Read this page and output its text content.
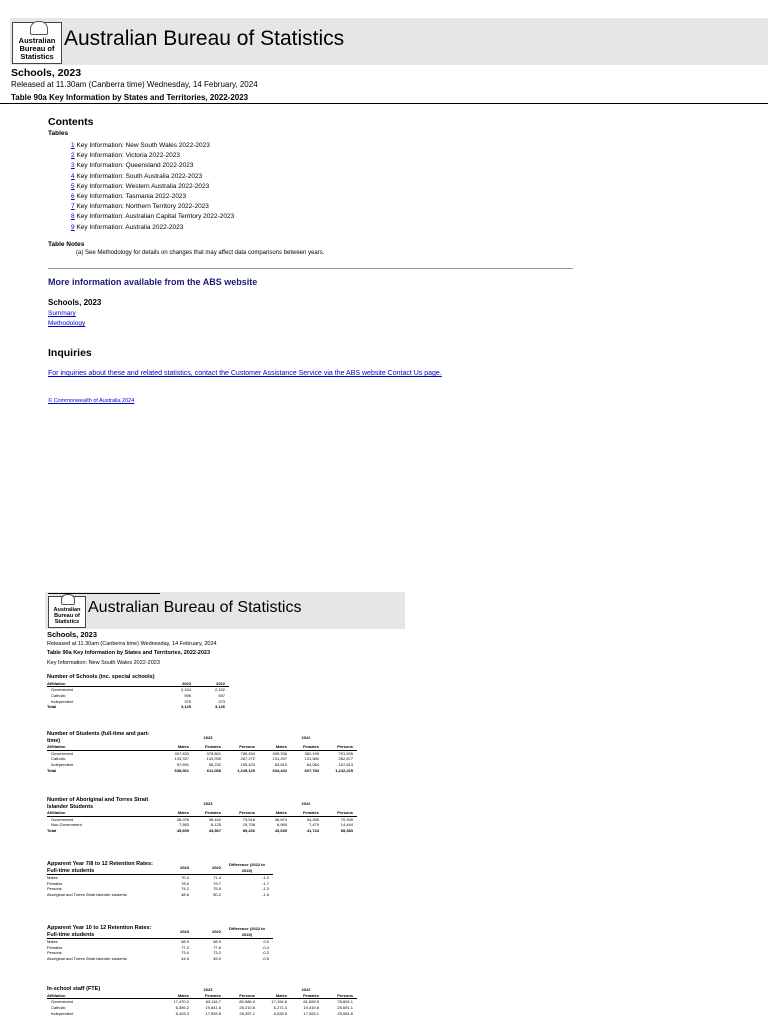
Australian
Bureau of
Statistics
Australian Bureau of Statistics
Schools, 2023
Released at 11.30am (Canberra time) Wednesday, 14 February, 2024
Table 90a Key Information by States and Territories, 2022-2023
Contents
Tables
1 Key Information: New South Wales 2022-2023
2 Key Information: Victoria 2022-2023
3 Key Information: Queensland 2022-2023
4 Key Information: South Australia 2022-2023
5 Key Information: Western Australia 2022-2023
6 Key Information: Tasmania 2022-2023
7 Key Information: Northern Territory 2022-2023
8 Key Information: Australian Capital Territory 2022-2023
9 Key Information: Australia 2022-2023
Table Notes
(a) See Methodology for details on changes that may affect data comparisons between years.
More information available from the ABS website
Schools, 2023
Summary
Methodology
Inquiries
For inquiries about these and related statistics, contact the Customer Assistance Service via the ABS website Contact Us page.
© Commonwealth of Australia 2024
Australian
Bureau of
Statistics
Australian Bureau of Statistics
Schools, 2023
Released at 11.30am (Canberra time) Wednesday, 14 February, 2024
Table 90a Key Information by States and Territories, 2022-2023
Key Information: New South Wales 2022-2023
Number of Schools (inc. special schools)
Affiliation	2023	2022
Government	2,154	2,152
Catholic	596	597
Independent	375	373
Total	3,125	3,126
Number of Students (full-time and part-time)	2023			2022		
Affiliation	Males	Females	Persons	Males	Females	Persons
Government	407,633	378,801	786,434	409,336	382,199	791,535
Catholic	133,337	133,935	267,272	131,297	131,580	262,877
Independent	97,691	98,232	195,423	83,819	84,084	167,813
Total	638,061	611,068	1,249,129	634,442	607,783	1,242,225
Number of Aboriginal and Torres Strait Islander Students	2023			2022		
Affiliation	Males	Females	Persons	Males	Females	Persons
Government	38,076	35,442	73,518	36,674	34,265	70,939
Non-Government	7,583	8,125	15,708	6,965	7,479	14,444
Total	45,659	43,567	89,226	43,639	41,744	85,383
Apparent Year 7/8 to 12 Retention Rates: Full-time students	2023	2022	Difference (2022 to 2023)
Males	70.4	71.4	-1.0
Females	78.0	79.7	-1.7
Persons	74.2	75.5	-1.3
Aboriginal and Torres Strait Islander students	48.6	50.2	-1.6
Apparent Year 10 to 12 Retention Rates: Full-time students	2023	2022	Difference (2022 to 2023)
Males	68.9	68.9	0.0
Females	77.2	77.6	-0.4
Persons	73.0	73.2	-0.2
Aboriginal and Torres Strait Islander students	44.5	45.0	-0.5
In-school staff (FTE)	2023			2022		
Affiliation	Males	Females	Persons	Males	Females	Persons
Government	17,470.2	63,116.7	80,586.9	17,194.6	61,699.5	78,894.1
Catholic	6,369.2	19,841.6	26,210.8	6,271.3	19,419.8	25,691.1
Independent	8,403.3	17,993.8	26,397.1	8,028.5	17,053.1	25,081.6
